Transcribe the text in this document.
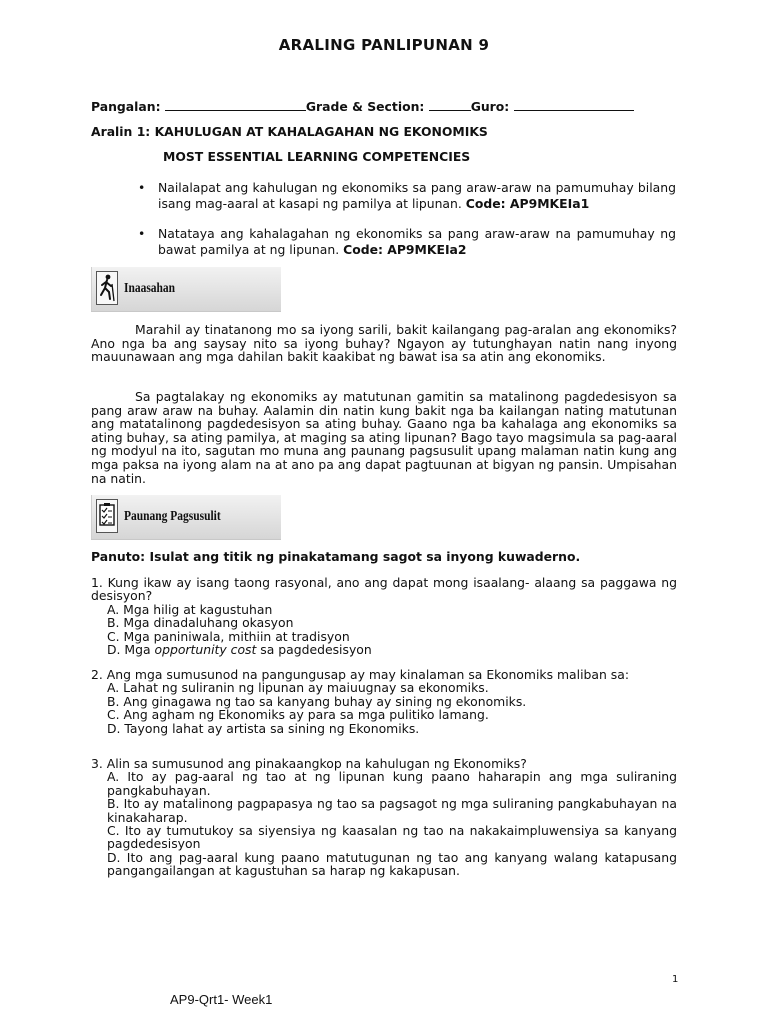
ARALING PANLIPUNAN 9
Pangalan:	Grade & Section:	Guro:
Aralin 1: KAHULUGAN AT KAHALAGAHAN NG EKONOMIKS
MOST ESSENTIAL LEARNING COMPETENCIES
• Nailalapat ang kahulugan ng ekonomiks sa pang araw-araw na pamumuhay bilang isang mag-aaral at kasapi ng pamilya at lipunan. Code: AP9MKEIa1
• Natataya ang kahalagahan ng ekonomiks sa pang araw-araw na pamumuhay ng bawat pamilya at ng lipunan. Code: AP9MKEIa2
Inaasahan

Marahil ay tinatanong mo sa iyong sarili, bakit kailangang pag-aralan ang ekonomiks? Ano nga ba ang saysay nito sa iyong buhay? Ngayon ay tutunghayan natin nang inyong mauunawaan ang mga dahilan bakit kaakibat ng bawat isa sa atin ang ekonomiks.

Sa pagtalakay ng ekonomiks ay matutunan gamitin sa matalinong pagdedesisyon sa pang araw araw na buhay. Aalamin din natin kung bakit nga ba kailangan nating matutunan ang matatalinong pagdedesisyon sa ating buhay. Gaano nga ba kahalaga ang ekonomiks sa ating buhay, sa ating pamilya, at maging sa ating lipunan? Bago tayo magsimula sa pag-aaral ng modyul na ito, sagutan mo muna ang paunang pagsusulit upang malaman natin kung ang mga paksa na iyong alam na at ano pa ang dapat pagtuunan at bigyan ng pansin. Umpisahan na natin.

Paunang Pagsusulit
Panuto: Isulat ang titik ng pinakatamang sagot sa inyong kuwaderno.

1. Kung ikaw ay isang taong rasyonal, ano ang dapat mong isaalang- alaang sa paggawa ng desisyon?

A. Mga hilig at kagustuhan

B. Mga dinadaluhang okasyon

C. Mga paniniwala, mithiin at tradisyon

D. Mga opportunity cost sa pagdedesisyon

2. Ang mga sumusunod na pangungusap ay may kinalaman sa Ekonomiks maliban sa:

A. Lahat ng suliranin ng lipunan ay maiuugnay sa ekonomiks.

B. Ang ginagawa ng tao sa kanyang buhay ay sining ng ekonomiks.

C. Ang agham ng Ekonomiks ay para sa mga pulitiko lamang.

D. Tayong lahat ay artista sa sining ng Ekonomiks.

3. Alin sa sumusunod ang pinakaangkop na kahulugan ng Ekonomiks?

A. Ito ay pag-aaral ng tao at ng lipunan kung paano haharapin ang mga suliraning pangkabuhayan.

B. Ito ay matalinong pagpapasya ng tao sa pagsagot ng mga suliraning pangkabuhayan na kinakaharap.

C. Ito ay tumutukoy sa siyensiya ng kaasalan ng tao na nakakaimpluwensiya sa kanyang pagdedesisyon

D. Ito ang pag-aaral kung paano matutugunan ng tao ang kanyang walang katapusang pangangailangan at kagustuhan sa harap ng kakapusan.

1
AP9-Qrt1- Week1
